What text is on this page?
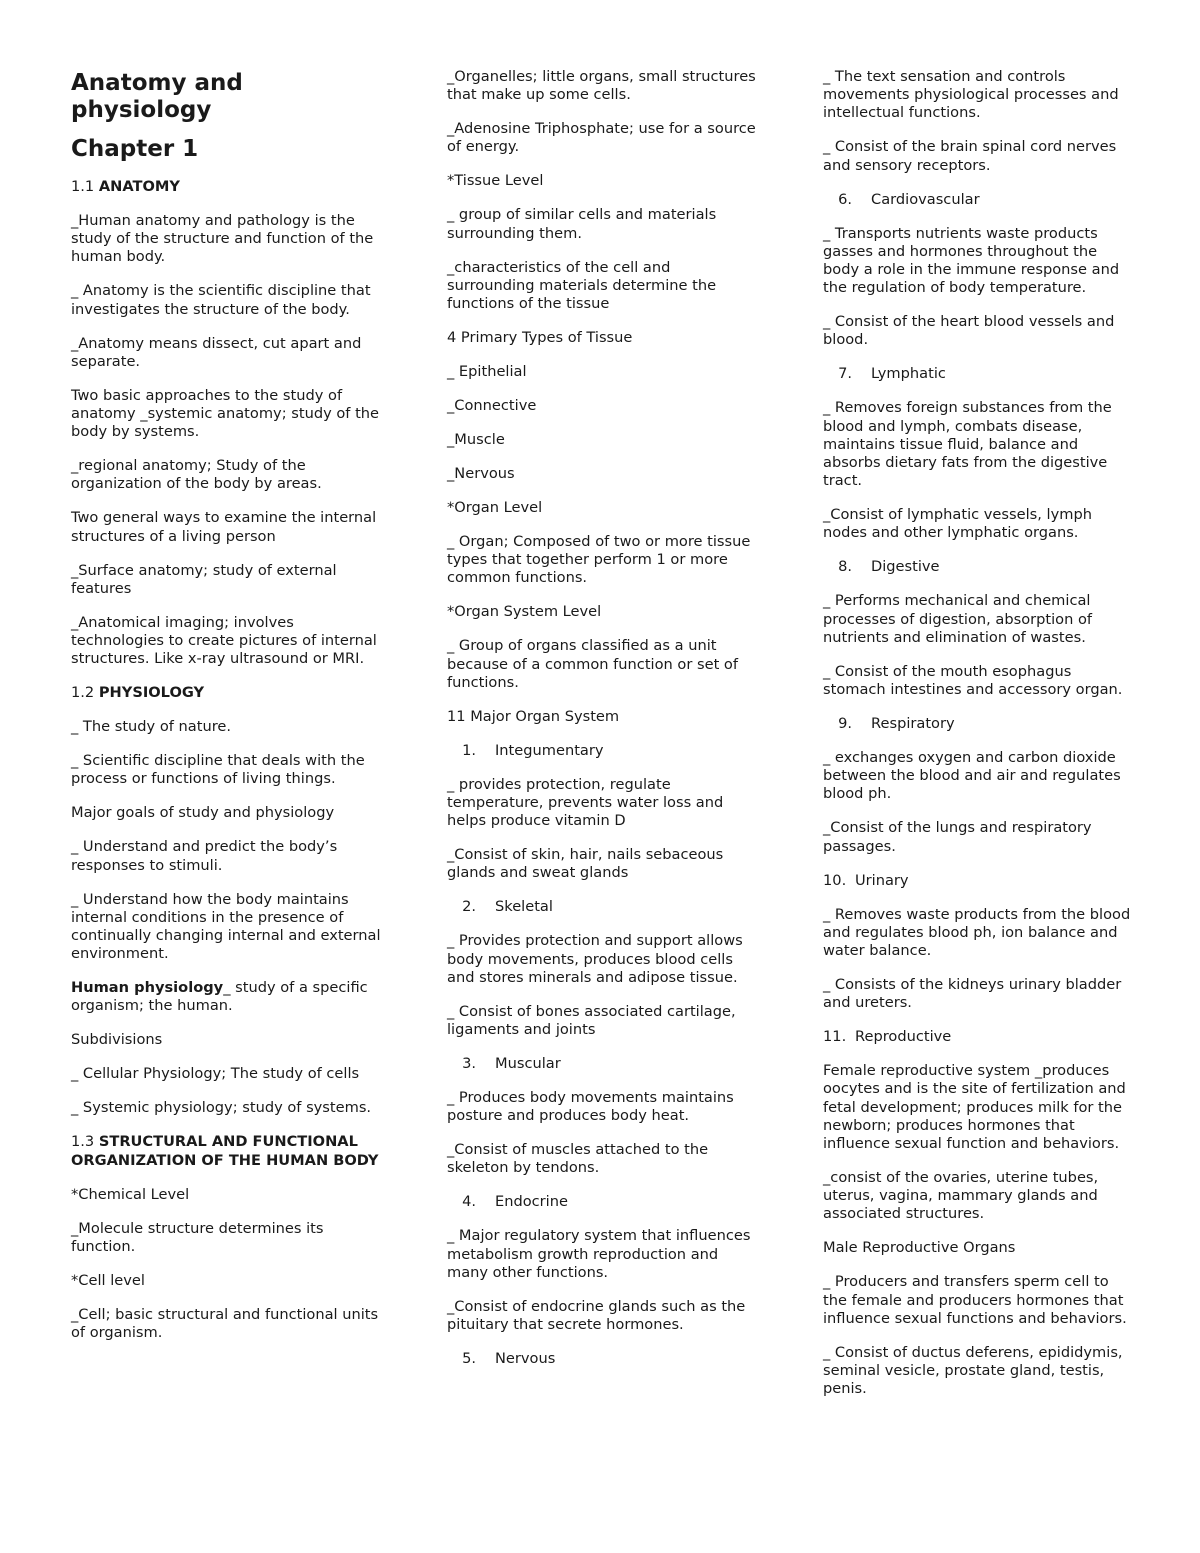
Anatomy and physiology
Chapter 1

1.1 ANATOMY

_Human anatomy and pathology is the study of the structure and function of the human body.

_ Anatomy is the scientific discipline that investigates the structure of the body.

_Anatomy means dissect, cut apart and separate.

Two basic approaches to the study of anatomy _systemic anatomy; study of the body by systems.

_regional anatomy; Study of the organization of the body by areas.

Two general ways to examine the internal structures of a living person

_Surface anatomy; study of external features

_Anatomical imaging; involves technologies to create pictures of internal structures. Like x-ray ultrasound or MRI.

1.2 PHYSIOLOGY

_ The study of nature.

_ Scientific discipline that deals with the process or functions of living things.

Major goals of study and physiology

_ Understand and predict the body’s responses to stimuli.

_ Understand how the body maintains internal conditions in the presence of continually changing internal and external environment.

Human physiology_ study of a specific organism; the human.

Subdivisions

_ Cellular Physiology; The study of cells

_ Systemic physiology; study of systems.

1.3 STRUCTURAL AND FUNCTIONAL ORGANIZATION OF THE HUMAN BODY

*Chemical Level

_Molecule structure determines its function.

*Cell level

_Cell; basic structural and functional units of organism.

_Organelles; little organs, small structures that make up some cells.

_Adenosine Triphosphate; use for a source of energy.

*Tissue Level

_ group of similar cells and materials surrounding them.

_characteristics of the cell and surrounding materials determine the functions of the tissue

4 Primary Types of Tissue

_ Epithelial

_Connective

_Muscle

_Nervous

*Organ Level

_ Organ; Composed of two or more tissue types that together perform 1 or more common functions.

*Organ System Level

_ Group of organs classified as a unit because of a common function or set of functions.

11 Major Organ System

1. Integumentary

_ provides protection, regulate temperature, prevents water loss and helps produce vitamin D

_Consist of skin, hair, nails sebaceous glands and sweat glands

2. Skeletal

_ Provides protection and support allows body movements, produces blood cells and stores minerals and adipose tissue.

_ Consist of bones associated cartilage, ligaments and joints

3. Muscular

_ Produces body movements maintains posture and produces body heat.

_Consist of muscles attached to the skeleton by tendons.

4. Endocrine

_ Major regulatory system that influences metabolism growth reproduction and many other functions.

_Consist of endocrine glands such as the pituitary that secrete hormones.

5. Nervous

_ The text sensation and controls movements physiological processes and intellectual functions.

_ Consist of the brain spinal cord nerves and sensory receptors.

6. Cardiovascular

_ Transports nutrients waste products gasses and hormones throughout the body a role in the immune response and the regulation of body temperature.

_ Consist of the heart blood vessels and blood.

7. Lymphatic

_ Removes foreign substances from the blood and lymph, combats disease, maintains tissue fluid, balance and absorbs dietary fats from the digestive tract.

_Consist of lymphatic vessels, lymph nodes and other lymphatic organs.

8. Digestive

_ Performs mechanical and chemical processes of digestion, absorption of nutrients and elimination of wastes.

_ Consist of the mouth esophagus stomach intestines and accessory organ.

9. Respiratory

_ exchanges oxygen and carbon dioxide between the blood and air and regulates blood ph.

_Consist of the lungs and respiratory passages.

10. Urinary

_ Removes waste products from the blood and regulates blood ph, ion balance and water balance.

_ Consists of the kidneys urinary bladder and ureters.

11. Reproductive

Female reproductive system _produces oocytes and is the site of fertilization and fetal development; produces milk for the newborn; produces hormones that influence sexual function and behaviors.

_consist of the ovaries, uterine tubes, uterus, vagina, mammary glands and associated structures.

Male Reproductive Organs

_ Producers and transfers sperm cell to the female and producers hormones that influence sexual functions and behaviors.

_ Consist of ductus deferens, epididymis, seminal vesicle, prostate gland, testis, penis.
